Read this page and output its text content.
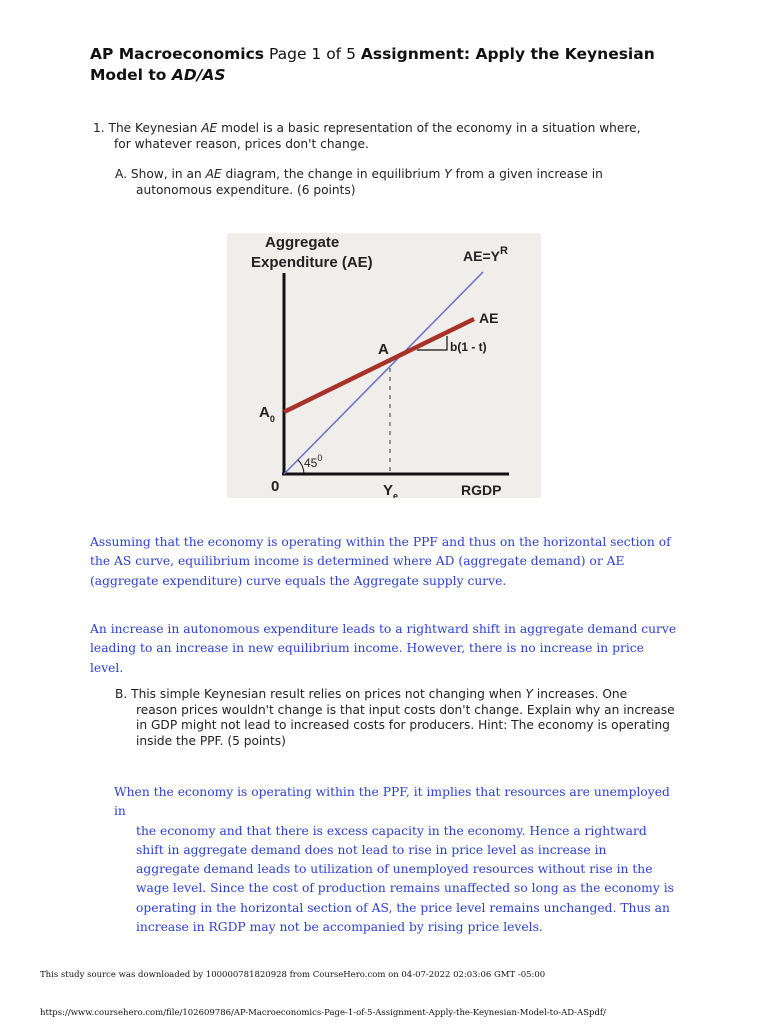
AP Macroeconomics Page 1 of 5 Assignment: Apply the Keynesian
Model to AD/AS
1. The Keynesian AE model is a basic representation of the economy in a situation where,
for whatever reason, prices don't change.
A. Show, in an AE diagram, the change in equilibrium Y from a given increase in
autonomous expenditure. (6 points)
Aggregate
Expenditure (AE)	$AE=Y^R$
AE
A	b(1 - t)
$A_0$
$45^0$
0	$Y_e$	RGDP
Assuming that the economy is operating within the PPF and thus on the horizontal section of the AS curve, equilibrium income is determined where AD (aggregate demand) or AE (aggregate expenditure) curve equals the Aggregate supply curve.
An increase in autonomous expenditure leads to a rightward shift in aggregate demand curve leading to an increase in new equilibrium income. However, there is no increase in price level.
B. This simple Keynesian result relies on prices not changing when Y increases. One
reason prices wouldn't change is that input costs don't change. Explain why an increase in GDP might not lead to increased costs for producers. Hint: The economy is operating inside the PPF. (5 points)
When the economy is operating within the PPF, it implies that resources are unemployed in
the economy and that there is excess capacity in the economy. Hence a rightward shift in aggregate demand does not lead to rise in price level as increase in aggregate demand leads to utilization of unemployed resources without rise in the wage level. Since the cost of production remains unaffected so long as the economy is operating in the horizontal section of AS, the price level remains unchanged. Thus an increase in RGDP may not be accompanied by rising price levels.
This study source was downloaded by 100000781820928 from CourseHero.com on 04-07-2022 02:03:06 GMT -05:00
https://www.coursehero.com/file/102609786/AP-Macroeconomics-Page-1-of-5-Assignment-Apply-the-Keynesian-Model-to-AD-ASpdf/
